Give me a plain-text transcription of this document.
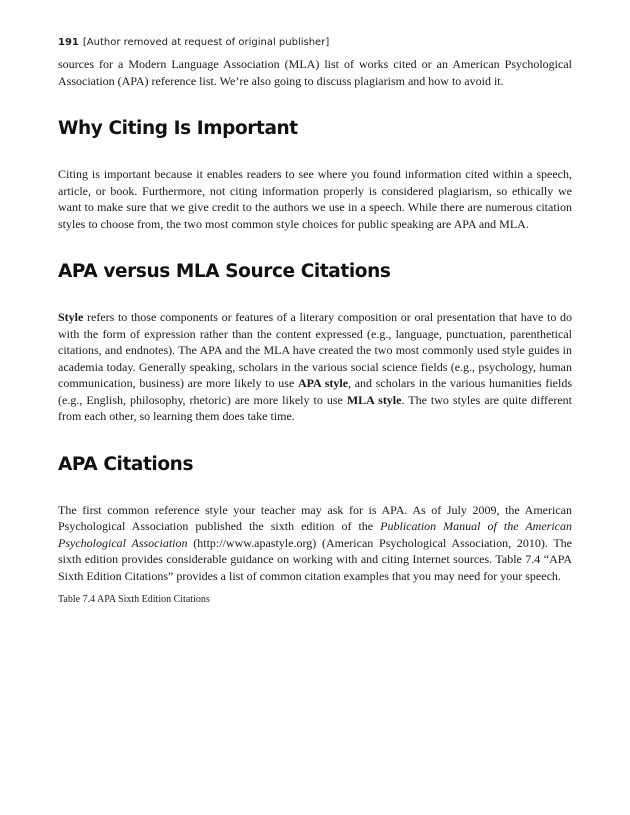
191 [Author removed at request of original publisher]

sources for a Modern Language Association (MLA) list of works cited or an American Psychological Association (APA) reference list. We’re also going to discuss plagiarism and how to avoid it.

Why Citing Is Important

Citing is important because it enables readers to see where you found information cited within a speech, article, or book. Furthermore, not citing information properly is considered plagiarism, so ethically we want to make sure that we give credit to the authors we use in a speech. While there are numerous citation styles to choose from, the two most common style choices for public speaking are APA and MLA.

APA versus MLA Source Citations

Style refers to those components or features of a literary composition or oral presentation that have to do with the form of expression rather than the content expressed (e.g., language, punctuation, parenthetical citations, and endnotes). The APA and the MLA have created the two most commonly used style guides in academia today. Generally speaking, scholars in the various social science fields (e.g., psychology, human communication, business) are more likely to use APA style, and scholars in the various humanities fields (e.g., English, philosophy, rhetoric) are more likely to use MLA style. The two styles are quite different from each other, so learning them does take time.

APA Citations

The first common reference style your teacher may ask for is APA. As of July 2009, the American Psychological Association published the sixth edition of the Publication Manual of the American Psychological Association (http://www.apastyle.org) (American Psychological Association, 2010). The sixth edition provides considerable guidance on working with and citing Internet sources. Table 7.4 “APA Sixth Edition Citations” provides a list of common citation examples that you may need for your speech.

Table 7.4 APA Sixth Edition Citations
